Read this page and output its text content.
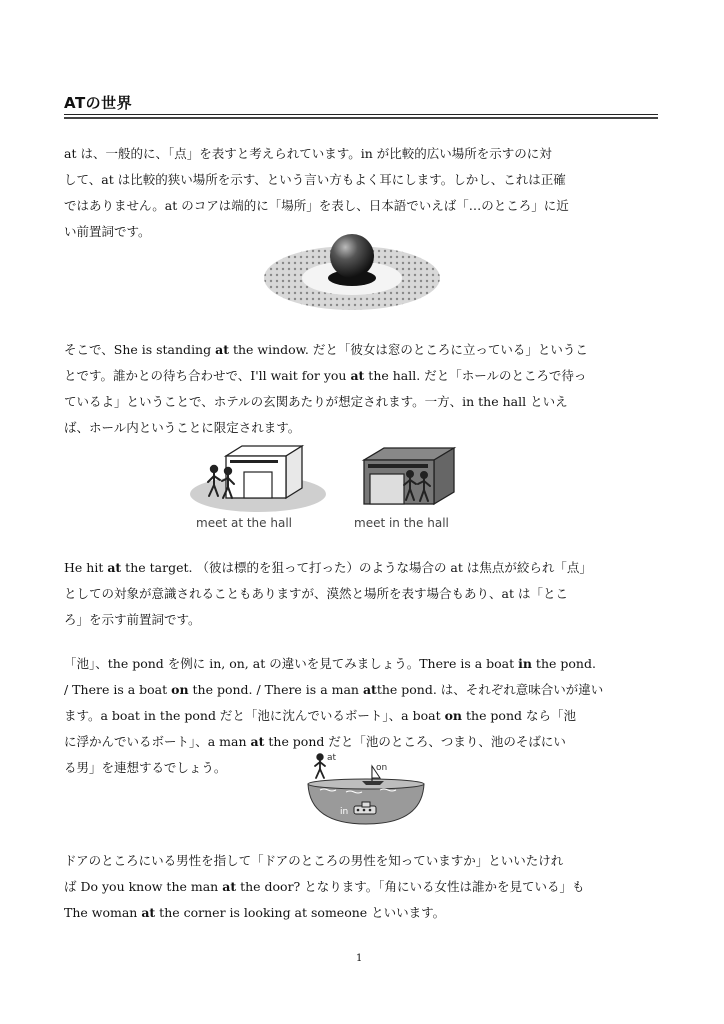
ATの世界
at は、一般的に、「点」を表すと考えられています。in が比較的広い場所を示すのに対
して、at は比較的狭い場所を示す、という言い方もよく耳にします。しかし、これは正確
ではありません。at のコアは端的に「場所」を表し、日本語でいえば「…のところ」に近
い前置詞です。
そこで、She is standing at the window. だと「彼女は窓のところに立っている」というこ
とです。誰かとの待ち合わせで、I'll wait for you at the hall. だと「ホールのところで待っ
ているよ」ということで、ホテルの玄関あたりが想定されます。一方、in the hall といえ
ば、ホール内ということに限定されます。
meet at the hall	meet in the hall
He hit at the target. （彼は標的を狙って打った）のような場合の at は焦点が絞られ「点」
としての対象が意識されることもありますが、漠然と場所を表す場合もあり、at は「とこ
ろ」を示す前置詞です。
「池」、the pond を例に in, on, at の違いを見てみましょう。There is a boat in the pond.
/ There is a boat on the pond. / There is a man atthe pond. は、それぞれ意味合いが違い
ます。a boat in the pond だと「池に沈んでいるボート」、a boat on the pond なら「池
に浮かんでいるボート」、a man at the pond だと「池のところ、つまり、池のそばにい
る男」を連想するでしょう。
at
on
in
ドアのところにいる男性を指して「ドアのところの男性を知っていますか」といいたけれ
ば Do you know the man at the door? となります。「角にいる女性は誰かを見ている」も
The woman at the corner is looking at someone といいます。
1
